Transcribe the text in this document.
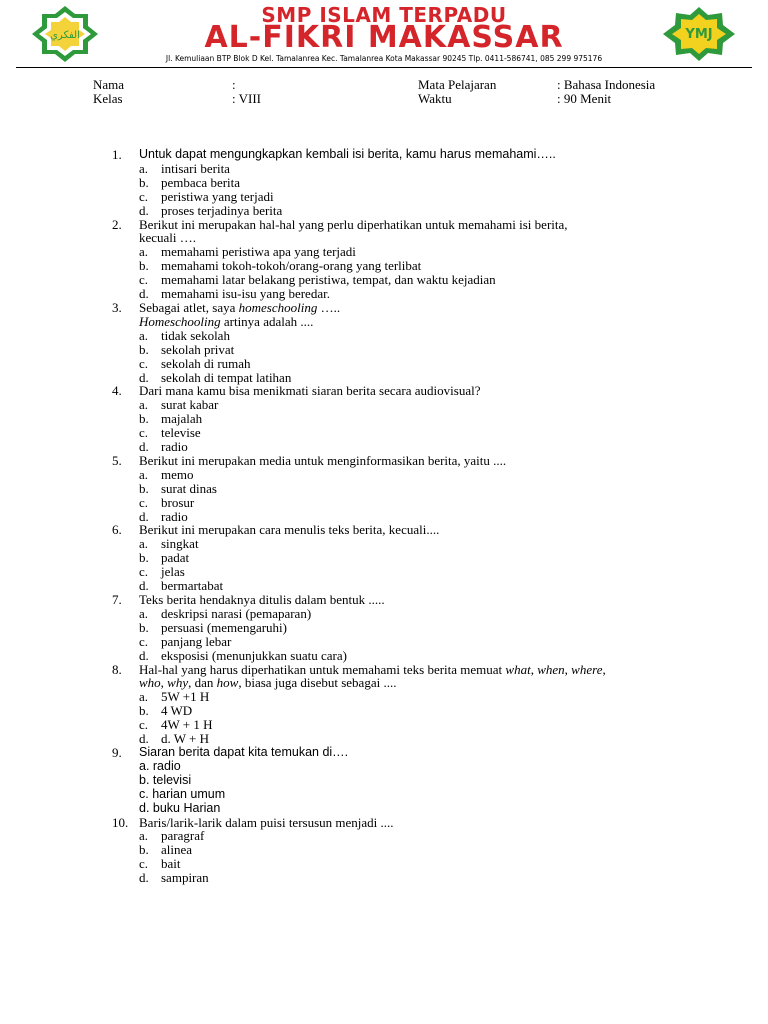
الفكري
SMP ISLAM TERPADU
AL-FIKRI MAKASSAR
Jl. Kemuliaan BTP Blok D Kel. Tamalanrea Kec. Tamalanrea Kota Makassar 90245 Tlp. 0411-586741, 085 299 975176
YMJ
Nama	:
Kelas	: VIII
Mata Pelajaran	: Bahasa Indonesia
Waktu	: 90 Menit
1.	Untuk dapat mengungkapkan kembali isi berita, kamu harus memahami…..
a. intisari berita
b. pembaca berita
c. peristiwa yang terjadi
d. proses terjadinya berita
2.	Berikut ini merupakan hal-hal yang perlu diperhatikan untuk memahami isi berita,
kecuali ….
a. memahami peristiwa apa yang terjadi
b. memahami tokoh-tokoh/orang-orang yang terlibat
c. memahami latar belakang peristiwa, tempat, dan waktu kejadian
d. memahami isu-isu yang beredar.
3.	Sebagai atlet, saya homeschooling …..
Homeschooling artinya adalah ....
a. tidak sekolah
b. sekolah privat
c. sekolah di rumah
d. sekolah di tempat latihan
4.	Dari mana kamu bisa menikmati siaran berita secara audiovisual?
a. surat kabar
b. majalah
c. televise
d. radio
5.	Berikut ini merupakan media untuk menginformasikan berita, yaitu ....
a. memo
b. surat dinas
c. brosur
d. radio
6.	Berikut ini merupakan cara menulis teks berita, kecuali....
a. singkat
b. padat
c. jelas
d. bermartabat
7.	Teks berita hendaknya ditulis dalam bentuk .....
a. deskripsi narasi (pemaparan)
b. persuasi (memengaruhi)
c. panjang lebar
d. eksposisi (menunjukkan suatu cara)
8.	Hal-hal yang harus diperhatikan untuk memahami teks berita memuat what, when, where,
who, why, dan how, biasa juga disebut sebagai ....
a. 5W +1 H
b. 4 WD
c. 4W + 1 H
d. d. W + H
9.	Siaran berita dapat kita temukan di….
a. radio
b. televisi
c. harian umum
d. buku Harian
10. Baris/larik-larik dalam puisi tersusun menjadi ....
a. paragraf
b. alinea
c. bait
d. sampiran
